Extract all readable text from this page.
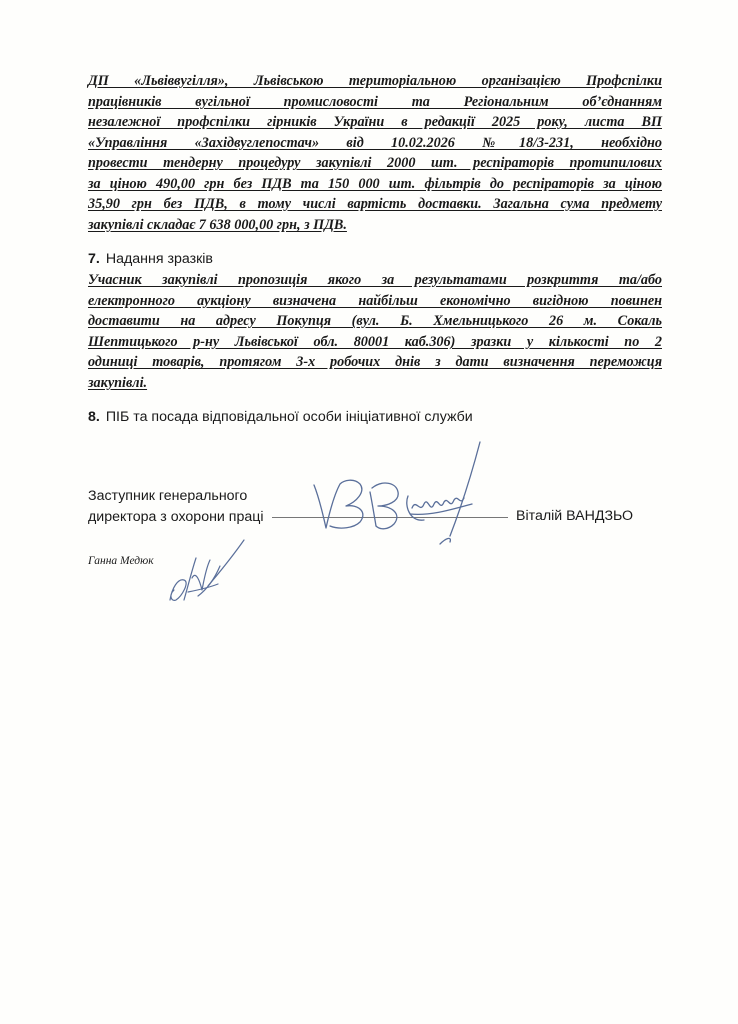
ДП «Львіввугілля», Львівською територіальною організацією Профспілки
працівників вугільної промисловості та Регіональним об’єднанням
незалежної профспілки гірників України в редакції 2025 року, листа ВП
«Управління «Західвуглепостач» від 10.02.2026 №18/3-231, необхідно
провести тендерну процедуру закупівлі 2000 шт. респіраторів протипилових
за ціною 490,00 грн без ПДВ та 150 000 шт. фільтрів до респіраторів за ціною
35,90 грн без ПДВ, в тому числі вартість доставки. Загальна сума предмету
закупівлі складає 7 638 000,00 грн, з ПДВ.
7. Надання зразків
Учасник закупівлі пропозиція якого за результатами розкриття та/або
електронного аукціону визначена найбільш економічно вигідною повинен
доставити на адресу Покупця (вул. Б. Хмельницького 26 м. Сокаль
Шептицького р-ну Львівської обл. 80001 каб.306) зразки у кількості по 2
одиниці товарів, протягом 3-х робочих днів з дати визначення переможця
закупівлі.
8. ПІБ та посада відповідальної особи ініціативної служби
Заступник генерального
директора з охорони праці	Віталій ВАНДЗЬО
Ганна Медюк
